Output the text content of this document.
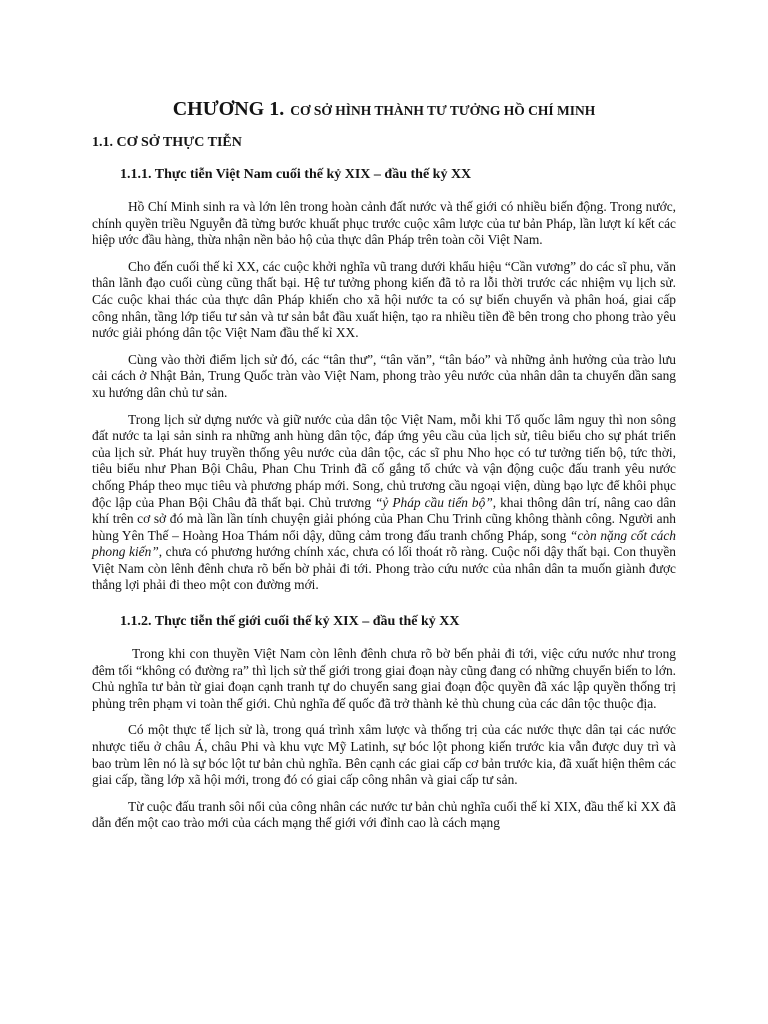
CHƯƠNG 1. CƠ SỞ HÌNH THÀNH TƯ TƯỞNG HỒ CHÍ MINH
1.1. CƠ SỞ THỰC TIỄN
1.1.1. Thực tiễn Việt Nam cuối thế kỷ XIX – đầu thế kỷ XX

Hồ Chí Minh sinh ra và lớn lên trong hoàn cảnh đất nước và thế giới có nhiều biến động. Trong nước, chính quyền triều Nguyễn đã từng bước khuất phục trước cuộc xâm lược của tư bản Pháp, lần lượt kí kết các hiệp ước đầu hàng, thừa nhận nền bảo hộ của thực dân Pháp trên toàn cõi Việt Nam.

Cho đến cuối thế kỉ XX, các cuộc khởi nghĩa vũ trang dưới khẩu hiệu “Cần vương” do các sĩ phu, văn thân lãnh đạo cuối cùng cũng thất bại. Hệ tư tưởng phong kiến đã tỏ ra lỗi thời trước các nhiệm vụ lịch sử. Các cuộc khai thác của thực dân Pháp khiến cho xã hội nước ta có sự biến chuyển và phân hoá, giai cấp công nhân, tầng lớp tiểu tư sản và tư sản bắt đầu xuất hiện, tạo ra nhiều tiền đề bên trong cho phong trào yêu nước giải phóng dân tộc Việt Nam đầu thế kỉ XX.

Cùng vào thời điểm lịch sử đó, các “tân thư”, “tân văn”, “tân báo” và những ảnh hưởng của trào lưu cải cách ở Nhật Bản, Trung Quốc tràn vào Việt Nam, phong trào yêu nước của nhân dân ta chuyển dần sang xu hướng dân chủ tư sản.

Trong lịch sử dựng nước và giữ nước của dân tộc Việt Nam, mỗi khi Tổ quốc lâm nguy thì non sông đất nước ta lại sản sinh ra những anh hùng dân tộc, đáp ứng yêu cầu của lịch sử, tiêu biểu cho sự phát triển của lịch sử. Phát huy truyền thống yêu nước của dân tộc, các sĩ phu Nho học có tư tưởng tiến bộ, tức thời, tiêu biểu như Phan Bội Châu, Phan Chu Trinh đã cố gắng tổ chức và vận động cuộc đấu tranh yêu nước chống Pháp theo mục tiêu và phương pháp mới. Song, chủ trương cầu ngoại viện, dùng bạo lực để khôi phục độc lập của Phan Bội Châu đã thất bại. Chủ trương “ỷ Pháp cầu tiến bộ”, khai thông dân trí, nâng cao dân khí trên cơ sở đó mà lần lần tính chuyện giải phóng của Phan Chu Trinh cũng không thành công. Người anh hùng Yên Thế – Hoàng Hoa Thám nổi dậy, dũng cảm trong đấu tranh chống Pháp, song “còn nặng cốt cách phong kiến”, chưa có phương hướng chính xác, chưa có lối thoát rõ ràng. Cuộc nổi dậy thất bại. Con thuyền Việt Nam còn lênh đênh chưa rõ bến bờ phải đi tới. Phong trào cứu nước của nhân dân ta muốn giành được thắng lợi phải đi theo một con đường mới.

1.1.2. Thực tiễn thế giới cuối thế kỷ XIX – đầu thế kỷ XX

Trong khi con thuyền Việt Nam còn lênh đênh chưa rõ bờ bến phải đi tới, việc cứu nước như trong đêm tối “không có đường ra” thì lịch sử thế giới trong giai đoạn này cũng đang có những chuyển biến to lớn. Chủ nghĩa tư bản từ giai đoạn cạnh tranh tự do chuyển sang giai đoạn độc quyền đã xác lập quyền thống trị phủng trên phạm vi toàn thế giới. Chủ nghĩa đế quốc đã trở thành kẻ thù chung của các dân tộc thuộc địa.

Có một thực tế lịch sử là, trong quá trình xâm lược và thống trị của các nước thực dân tại các nước nhược tiểu ở châu Á, châu Phi và khu vực Mỹ Latinh, sự bóc lột phong kiến trước kia vẫn được duy trì và bao trùm lên nó là sự bóc lột tư bản chủ nghĩa. Bên cạnh các giai cấp cơ bản trước kia, đã xuất hiện thêm các giai cấp, tầng lớp xã hội mới, trong đó có giai cấp công nhân và giai cấp tư sản.

Từ cuộc đấu tranh sôi nổi của công nhân các nước tư bản chủ nghĩa cuối thế kỉ XIX, đầu thế kỉ XX đã dẫn đến một cao trào mới của cách mạng thế giới với đỉnh cao là cách mạng
